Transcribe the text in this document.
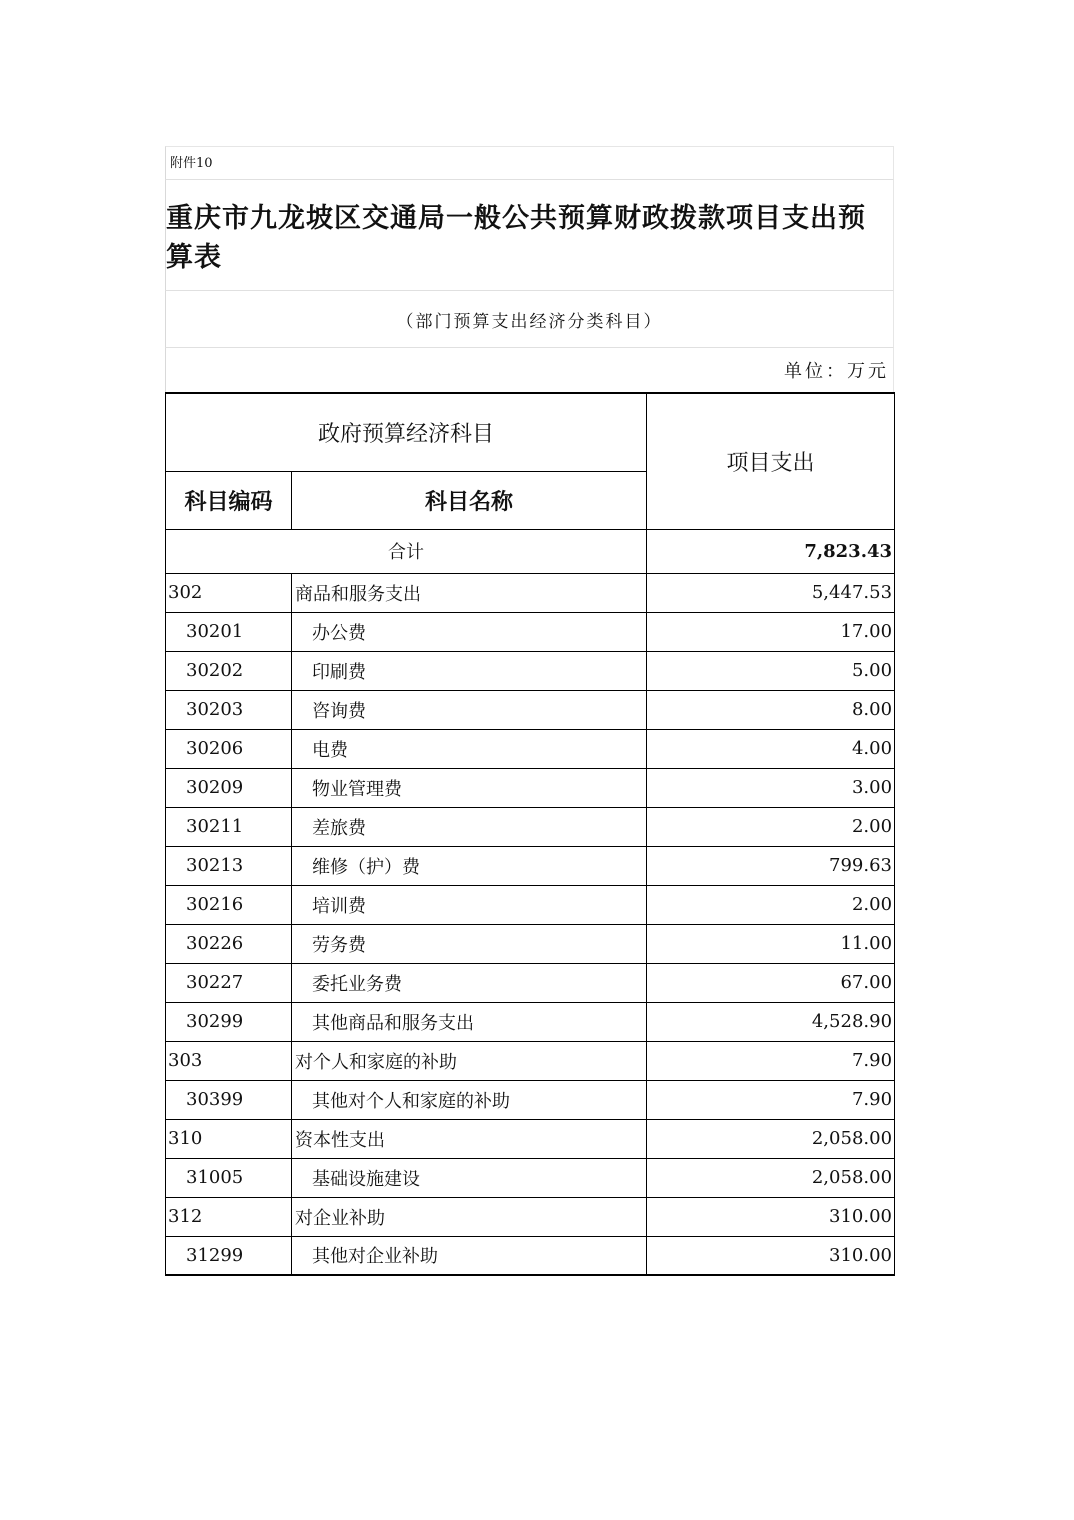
附件10
重庆市九龙坡区交通局一般公共预算财政拨款项目支出预算表
（部门预算支出经济分类科目）
单位：万元
政府预算经济科目		项目支出
科目编码	科目名称	
合计		7,823.43
302	商品和服务支出	5,447.53
30201	办公费	17.00
30202	印刷费	5.00
30203	咨询费	8.00
30206	电费	4.00
30209	物业管理费	3.00
30211	差旅费	2.00
30213	维修（护）费	799.63
30216	培训费	2.00
30226	劳务费	11.00
30227	委托业务费	67.00
30299	其他商品和服务支出	4,528.90
303	对个人和家庭的补助	7.90
30399	其他对个人和家庭的补助	7.90
310	资本性支出	2,058.00
31005	基础设施建设	2,058.00
312	对企业补助	310.00
31299	其他对企业补助	310.00
